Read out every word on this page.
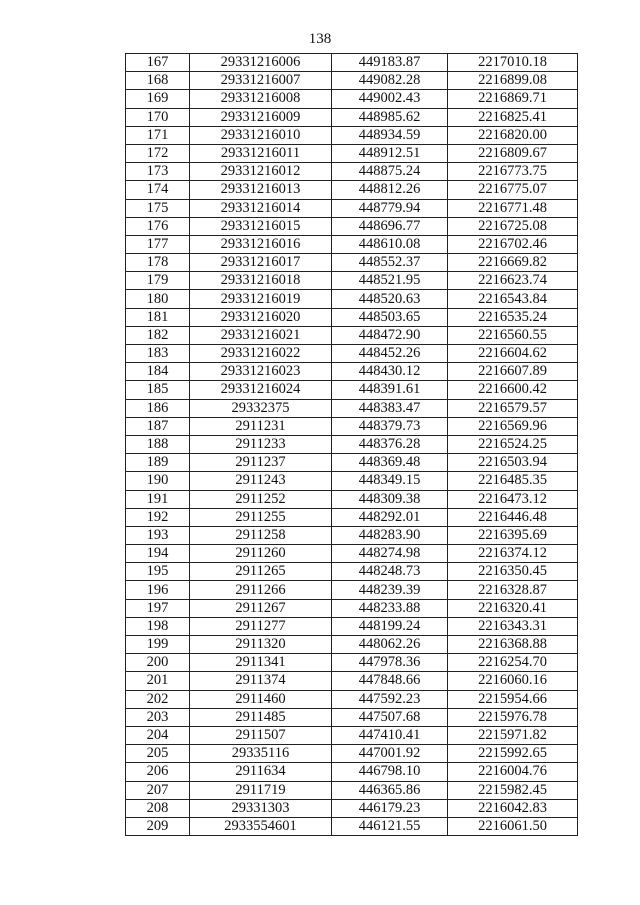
138
167	29331216006	449183.87	2217010.18
168	29331216007	449082.28	2216899.08
169	29331216008	449002.43	2216869.71
170	29331216009	448985.62	2216825.41
171	29331216010	448934.59	2216820.00
172	29331216011	448912.51	2216809.67
173	29331216012	448875.24	2216773.75
174	29331216013	448812.26	2216775.07
175	29331216014	448779.94	2216771.48
176	29331216015	448696.77	2216725.08
177	29331216016	448610.08	2216702.46
178	29331216017	448552.37	2216669.82
179	29331216018	448521.95	2216623.74
180	29331216019	448520.63	2216543.84
181	29331216020	448503.65	2216535.24
182	29331216021	448472.90	2216560.55
183	29331216022	448452.26	2216604.62
184	29331216023	448430.12	2216607.89
185	29331216024	448391.61	2216600.42
186	29332375	448383.47	2216579.57
187	2911231	448379.73	2216569.96
188	2911233	448376.28	2216524.25
189	2911237	448369.48	2216503.94
190	2911243	448349.15	2216485.35
191	2911252	448309.38	2216473.12
192	2911255	448292.01	2216446.48
193	2911258	448283.90	2216395.69
194	2911260	448274.98	2216374.12
195	2911265	448248.73	2216350.45
196	2911266	448239.39	2216328.87
197	2911267	448233.88	2216320.41
198	2911277	448199.24	2216343.31
199	2911320	448062.26	2216368.88
200	2911341	447978.36	2216254.70
201	2911374	447848.66	2216060.16
202	2911460	447592.23	2215954.66
203	2911485	447507.68	2215976.78
204	2911507	447410.41	2215971.82
205	29335116	447001.92	2215992.65
206	2911634	446798.10	2216004.76
207	2911719	446365.86	2215982.45
208	29331303	446179.23	2216042.83
209	2933554601	446121.55	2216061.50
